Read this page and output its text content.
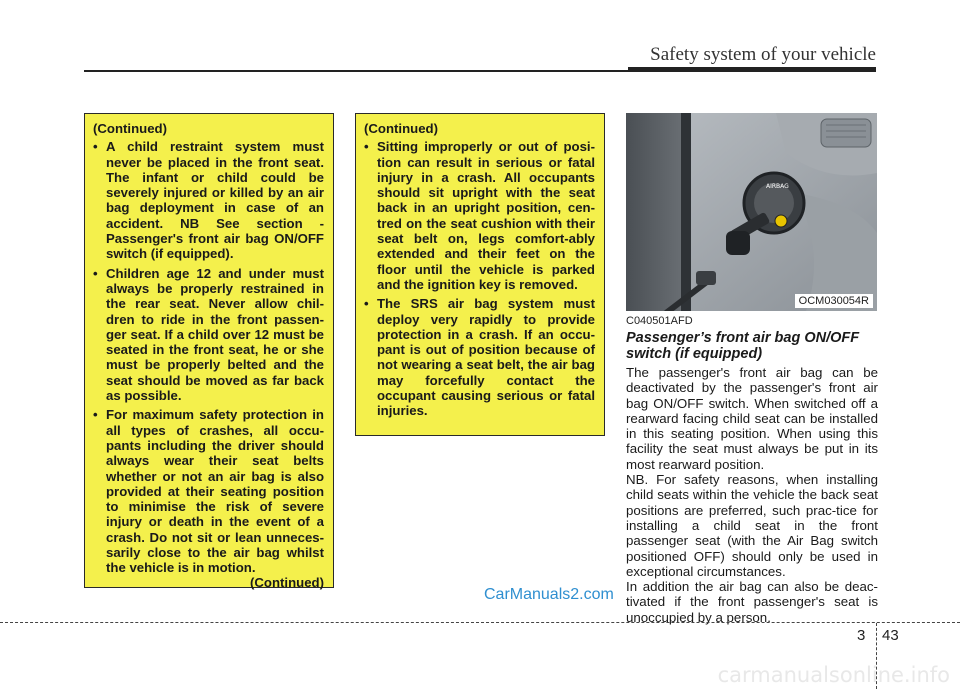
Safety system of your vehicle
(Continued)
• A child restraint system must never be placed in the front seat. The infant or child could be severely injured or killed by an air bag deployment in case of an accident. NB See section - Passenger's front air bag ON/OFF switch (if equipped).
• Children age 12 and under must always be properly restrained in the rear seat. Never allow chil-dren to ride in the front passen-ger seat. If a child over 12 must be seated in the front seat, he or she must be properly belted and the seat should be moved as far back as possible.
• For maximum safety protection in all types of crashes, all occu-pants including the driver should always wear their seat belts whether or not an air bag is also provided at their seating position to minimise the risk of severe injury or death in the event of a crash. Do not sit or lean unneces-sarily close to the air bag whilst the vehicle is in motion.
(Continued)
(Continued)
• Sitting improperly or out of posi-tion can result in serious or fatal injury in a crash. All occupants should sit upright with the seat back in an upright position, cen-tred on the seat cushion with their seat belt on, legs comfort-ably extended and their feet on the floor until the vehicle is parked and the ignition key is removed.
• The SRS air bag system must deploy very rapidly to provide protection in a crash. If an occu-pant is out of position because of not wearing a seat belt, the air bag may forcefully contact the occupant causing serious or fatal injuries.
AIRBAG
OCM030054R
C040501AFD
Passenger’s front air bag ON/OFF switch (if equipped)

The passenger's front air bag can be deactivated by the passenger's front air bag ON/OFF switch. When switched off a rearward facing child seat can be installed in this seating position. When using this facility the seat must always be put in its most rearward position.

NB. For safety reasons, when installing child seats within the vehicle the back seat positions are preferred, such prac-tice for installing a child seat in the front passenger seat (with the Air Bag switch positioned OFF) should only be used in exceptional circumstances.

In addition the air bag can also be deac-tivated if the front passenger's seat is unoccupied by a person.

CarManuals2.com
3 43
carmanualsonline.info
